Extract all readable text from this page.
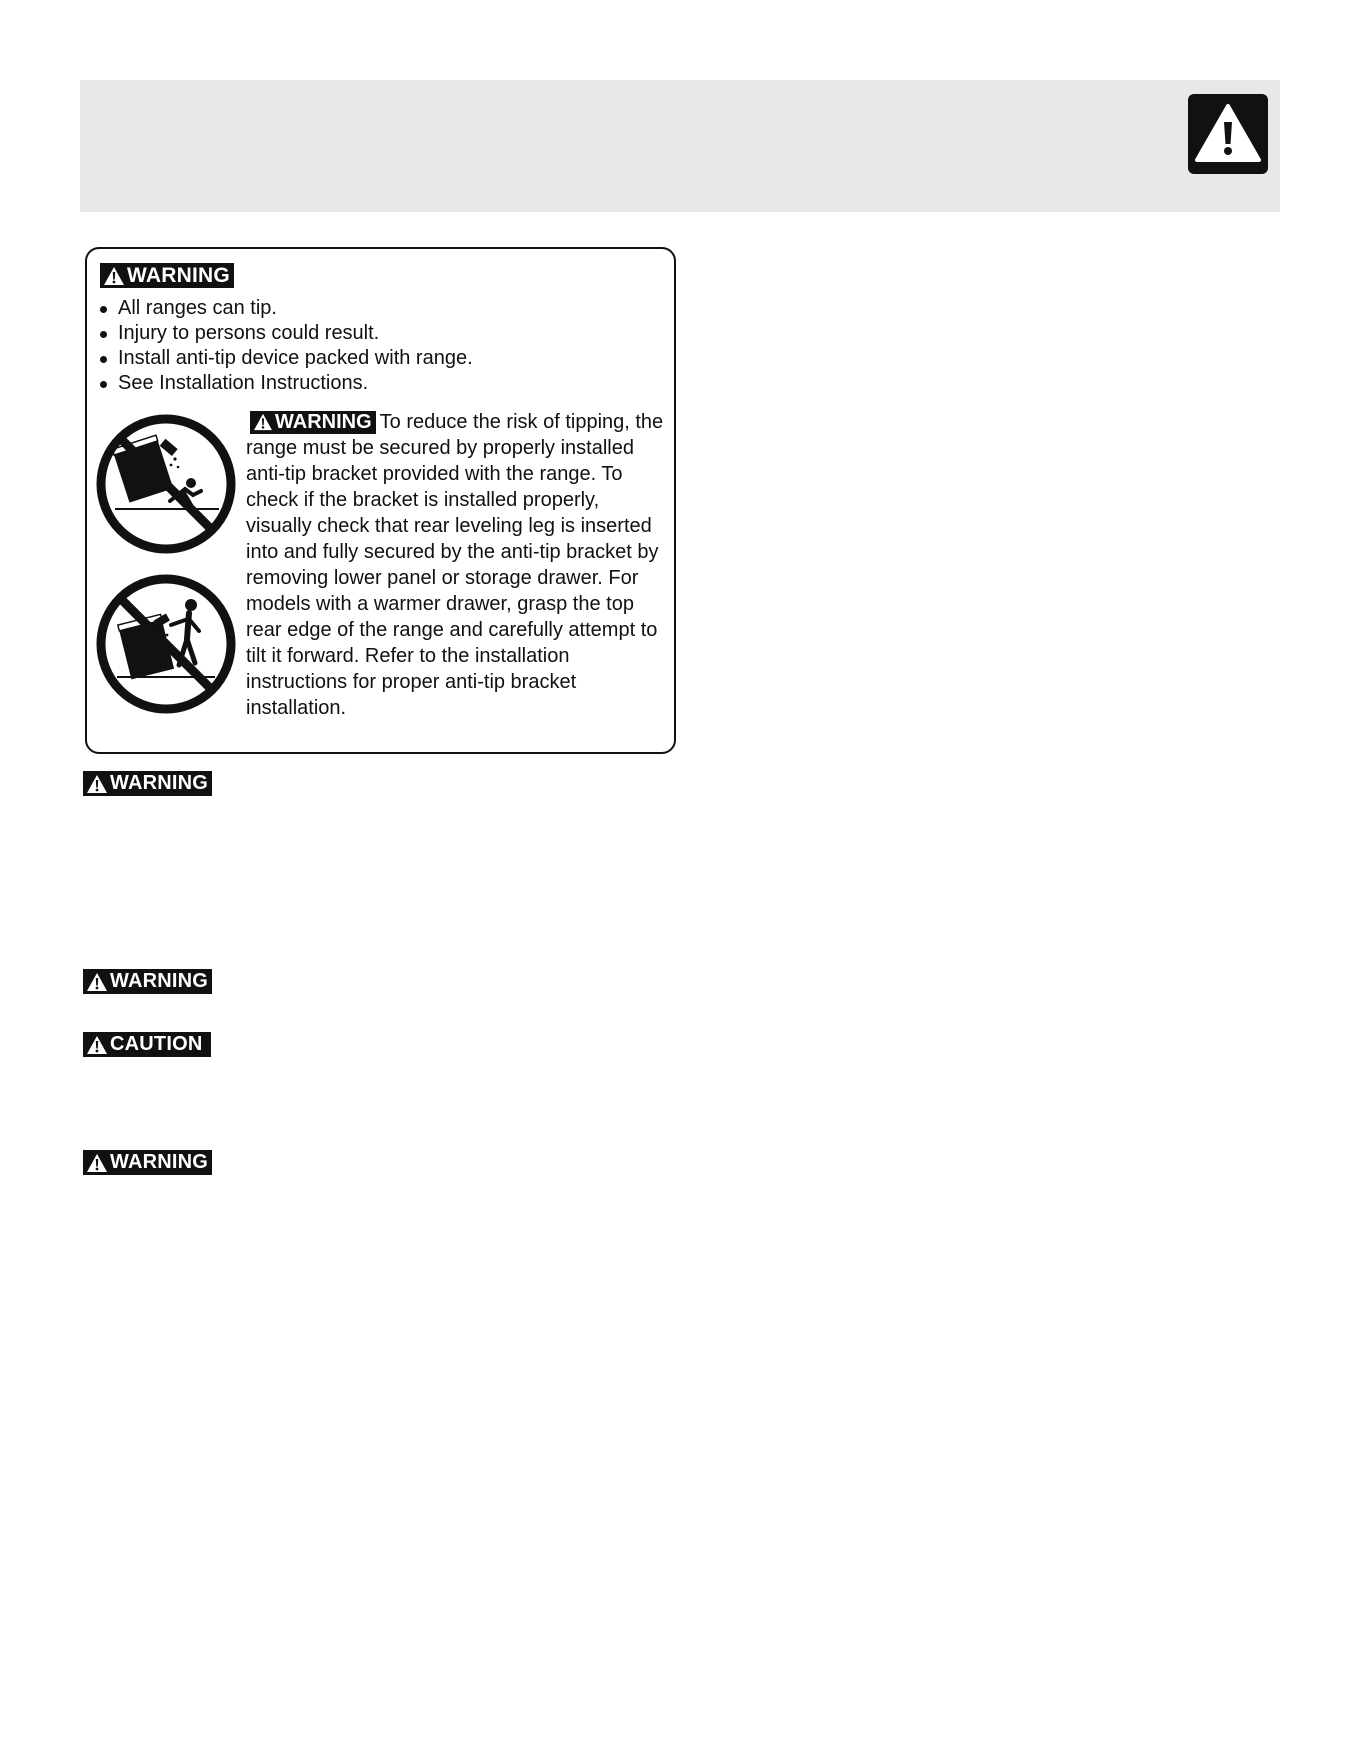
WARNING
All ranges can tip.
Injury to persons could result.
Install anti-tip device packed with range.
See Installation Instructions.

WARNING To reduce the risk of tipping, the range must be secured by properly installed anti-tip bracket provided with the range. To check if the bracket is installed properly, visually check that rear leveling leg is inserted into and fully secured by the anti-tip bracket by removing lower panel or storage drawer. For models with a warmer drawer, grasp the top rear edge of the range and carefully attempt to tilt it forward. Refer to the installation instructions for proper anti-tip bracket installation.

WARNING
WARNING
CAUTION
WARNING
